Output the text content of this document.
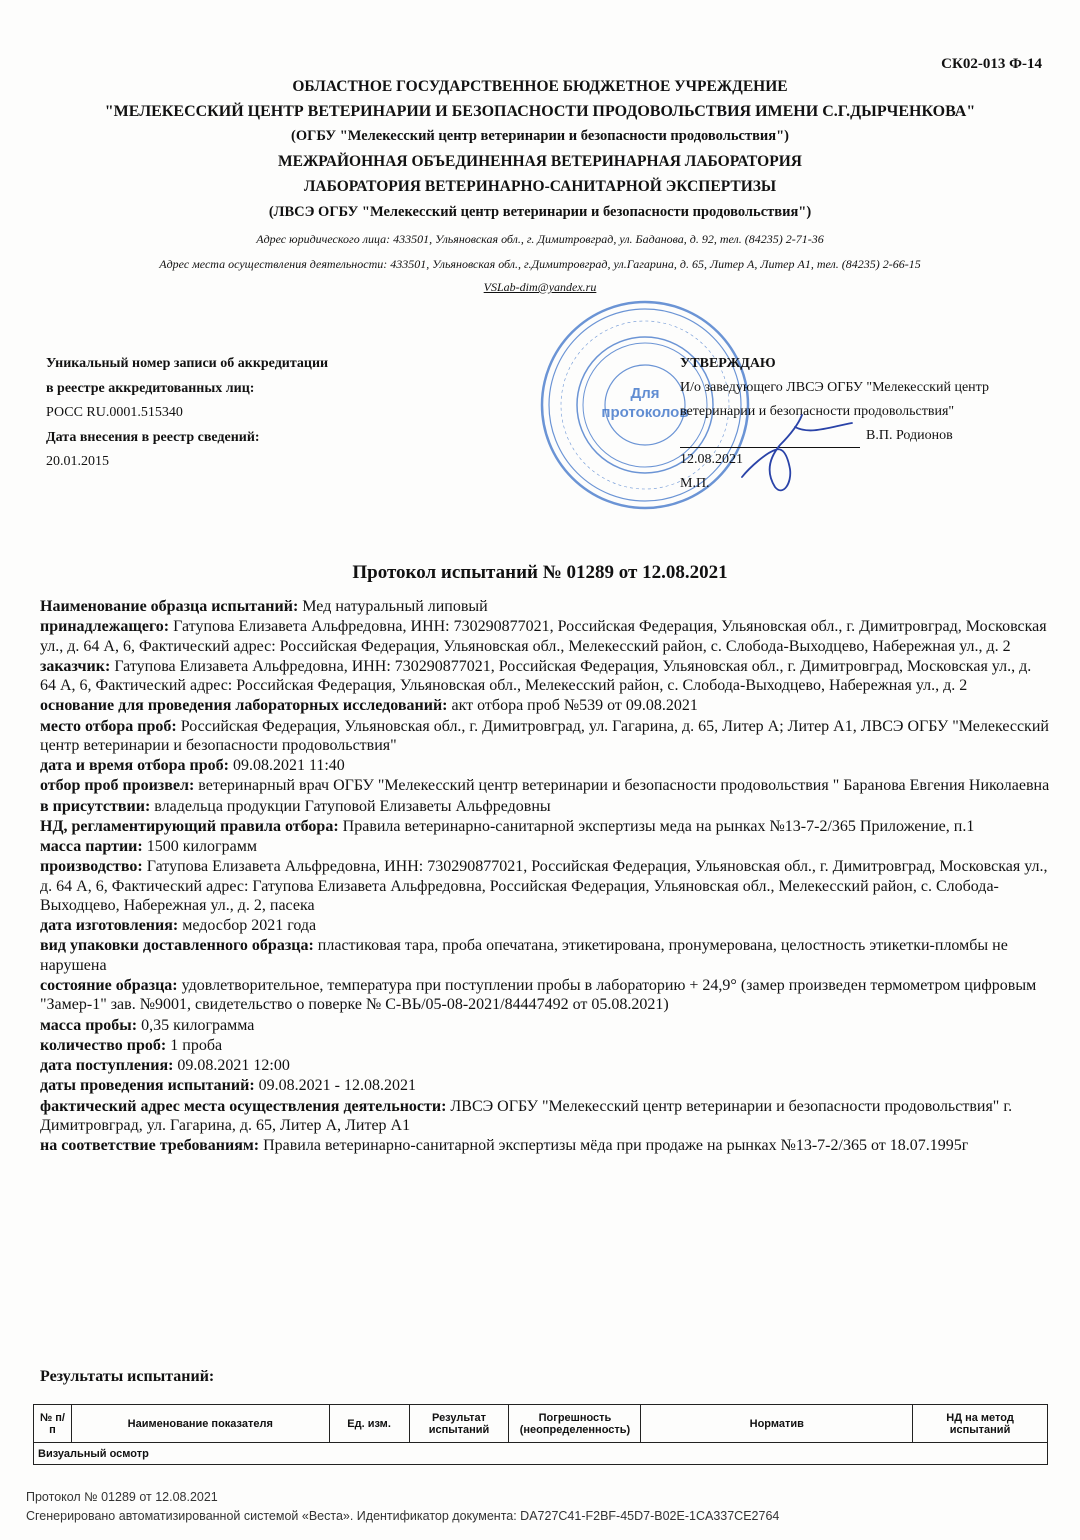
СК02-013 Ф-14
ОБЛАСТНОЕ ГОСУДАРСТВЕННОЕ БЮДЖЕТНОЕ УЧРЕЖДЕНИЕ
"МЕЛЕКЕССКИЙ ЦЕНТР ВЕТЕРИНАРИИ И БЕЗОПАСНОСТИ ПРОДОВОЛЬСТВИЯ ИМЕНИ С.Г.ДЫРЧЕНКОВА"
(ОГБУ "Мелекесский центр ветеринарии и безопасности продовольствия")
МЕЖРАЙОННАЯ ОБЪЕДИНЕННАЯ ВЕТЕРИНАРНАЯ ЛАБОРАТОРИЯ
ЛАБОРАТОРИЯ ВЕТЕРИНАРНО-САНИТАРНОЙ ЭКСПЕРТИЗЫ
(ЛВСЭ ОГБУ "Мелекесский центр ветеринарии и безопасности продовольствия")
Адрес юридического лица: 433501, Ульяновская обл., г. Димитровград, ул. Баданова, д. 92, тел. (84235) 2-71-36
Адрес места осуществления деятельности: 433501, Ульяновская обл., г.Димитровград, ул.Гагарина, д. 65, Литер А, Литер А1, тел. (84235) 2-66-15
VSLab-dim@yandex.ru
Уникальный номер записи об аккредитации
в реестре аккредитованных лиц:
РОСС RU.0001.515340
Дата внесения в реестр сведений:
20.01.2015
Для
протоколов
УТВЕРЖДАЮ
И/о заведующего ЛВСЭ ОГБУ "Мелекесский центр
ветеринарии и безопасности продовольствия"
В.П. Родионов
12.08.2021
М.П.
Протокол испытаний № 01289 от 12.08.2021

Наименование образца испытаний: Мед натуральный липовый

принадлежащего: Гатупова Елизавета Альфредовна, ИНН: 730290877021, Российская Федерация, Ульяновская обл., г. Димитровград, Московская ул., д. 64 А, 6, Фактический адрес: Российская Федерация, Ульяновская обл., Мелекесский район, с. Слобода-Выходцево, Набережная ул., д. 2

заказчик: Гатупова Елизавета Альфредовна, ИНН: 730290877021, Российская Федерация, Ульяновская обл., г. Димитровград, Московская ул., д. 64 А, 6, Фактический адрес: Российская Федерация, Ульяновская обл., Мелекесский район, с. Слобода-Выходцево, Набережная ул., д. 2

основание для проведения лабораторных исследований: акт отбора проб №539 от 09.08.2021

место отбора проб: Российская Федерация, Ульяновская обл., г. Димитровград, ул. Гагарина, д. 65, Литер А; Литер А1, ЛВСЭ ОГБУ "Мелекесский центр ветеринарии и безопасности продовольствия"

дата и время отбора проб: 09.08.2021 11:40

отбор проб произвел: ветеринарный врач ОГБУ "Мелекесский центр ветеринарии и безопасности продовольствия " Баранова Евгения Николаевна

в присутствии: владельца продукции Гатуповой Елизаветы Альфредовны

НД, регламентирующий правила отбора: Правила ветеринарно-санитарной экспертизы меда на рынках №13-7-2/365 Приложение, п.1

масса партии: 1500 килограмм

производство: Гатупова Елизавета Альфредовна, ИНН: 730290877021, Российская Федерация, Ульяновская обл., г. Димитровград, Московская ул., д. 64 А, 6, Фактический адрес: Гатупова Елизавета Альфредовна, Российская Федерация, Ульяновская обл., Мелекесский район, с. Слобода-Выходцево, Набережная ул., д. 2, пасека

дата изготовления: медосбор 2021 года

вид упаковки доставленного образца: пластиковая тара, проба опечатана, этикетирована, пронумерована, целостность этикетки-пломбы не нарушена

состояние образца: удовлетворительное, температура при поступлении пробы в лабораторию + 24,9° (замер произведен термометром цифровым "Замер-1" зав. №9001, свидетельство о поверке № С-ВЬ/05-08-2021/84447492 от 05.08.2021)

масса пробы: 0,35 килограмма

количество проб: 1 проба

дата поступления: 09.08.2021 12:00

даты проведения испытаний: 09.08.2021 - 12.08.2021

фактический адрес места осуществления деятельности: ЛВСЭ ОГБУ "Мелекесский центр ветеринарии и безопасности продовольствия" г. Димитровград, ул. Гагарина, д. 65, Литер А, Литер А1

на соответствие требованиям: Правила ветеринарно-санитарной экспертизы мёда при продаже на рынках №13-7-2/365 от 18.07.1995г

Результаты испытаний:
№ п/п	Наименование показателя	Ед. изм.	Результат испытаний	Погрешность (неопределенность)	Норматив	НД на метод испытаний
Визуальный осмотр
Протокол № 01289 от 12.08.2021
Сгенерировано автоматизированной системой «Веста». Идентификатор документа: DA727C41-F2BF-45D7-B02E-1CA337CE2764
